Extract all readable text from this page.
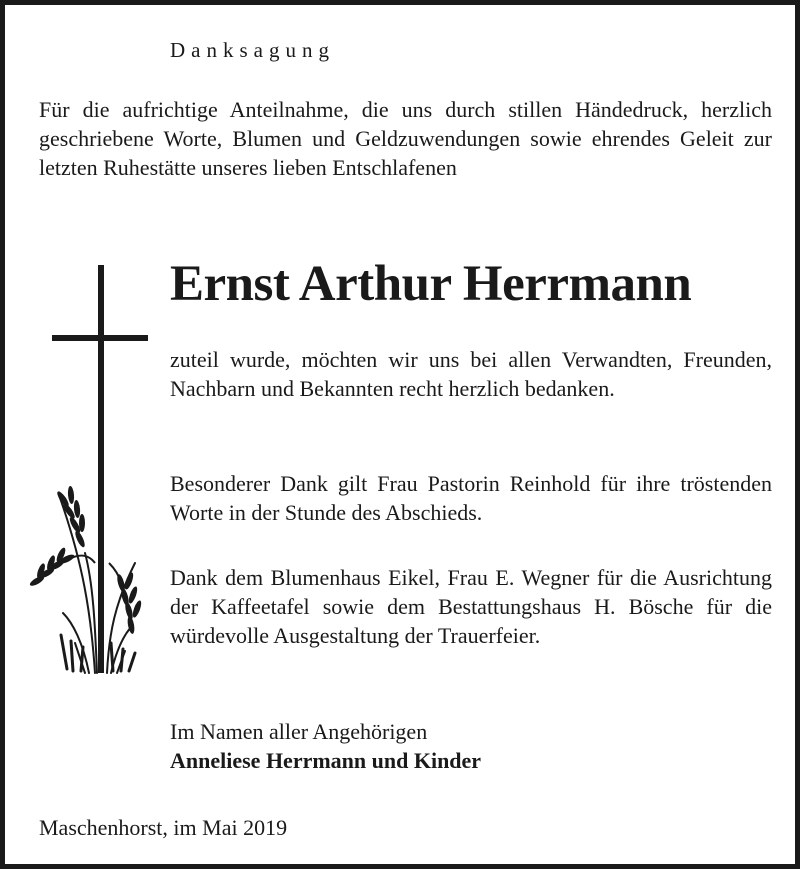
Danksagung

Für die aufrichtige Anteilnahme, die uns durch stillen Händedruck, herzlich geschriebene Worte, Blumen und Geldzuwendungen sowie ehrendes Geleit zur letzten Ruhestätte unseres lieben Entschlafenen

Ernst Arthur Herrmann

zuteil wurde, möchten wir uns bei allen Verwandten, Freunden, Nachbarn und Bekannten recht herzlich bedanken.

Besonderer Dank gilt Frau Pastorin Reinhold für ihre tröstenden Worte in der Stunde des Abschieds.

Dank dem Blumenhaus Eikel, Frau E. Wegner für die Ausrichtung der Kaffeetafel sowie dem Bestattungshaus H. Bösche für die würdevolle Ausgestaltung der Trauerfeier.

Im Namen aller Angehörigen
Anneliese Herrmann und Kinder

Maschenhorst, im Mai 2019
